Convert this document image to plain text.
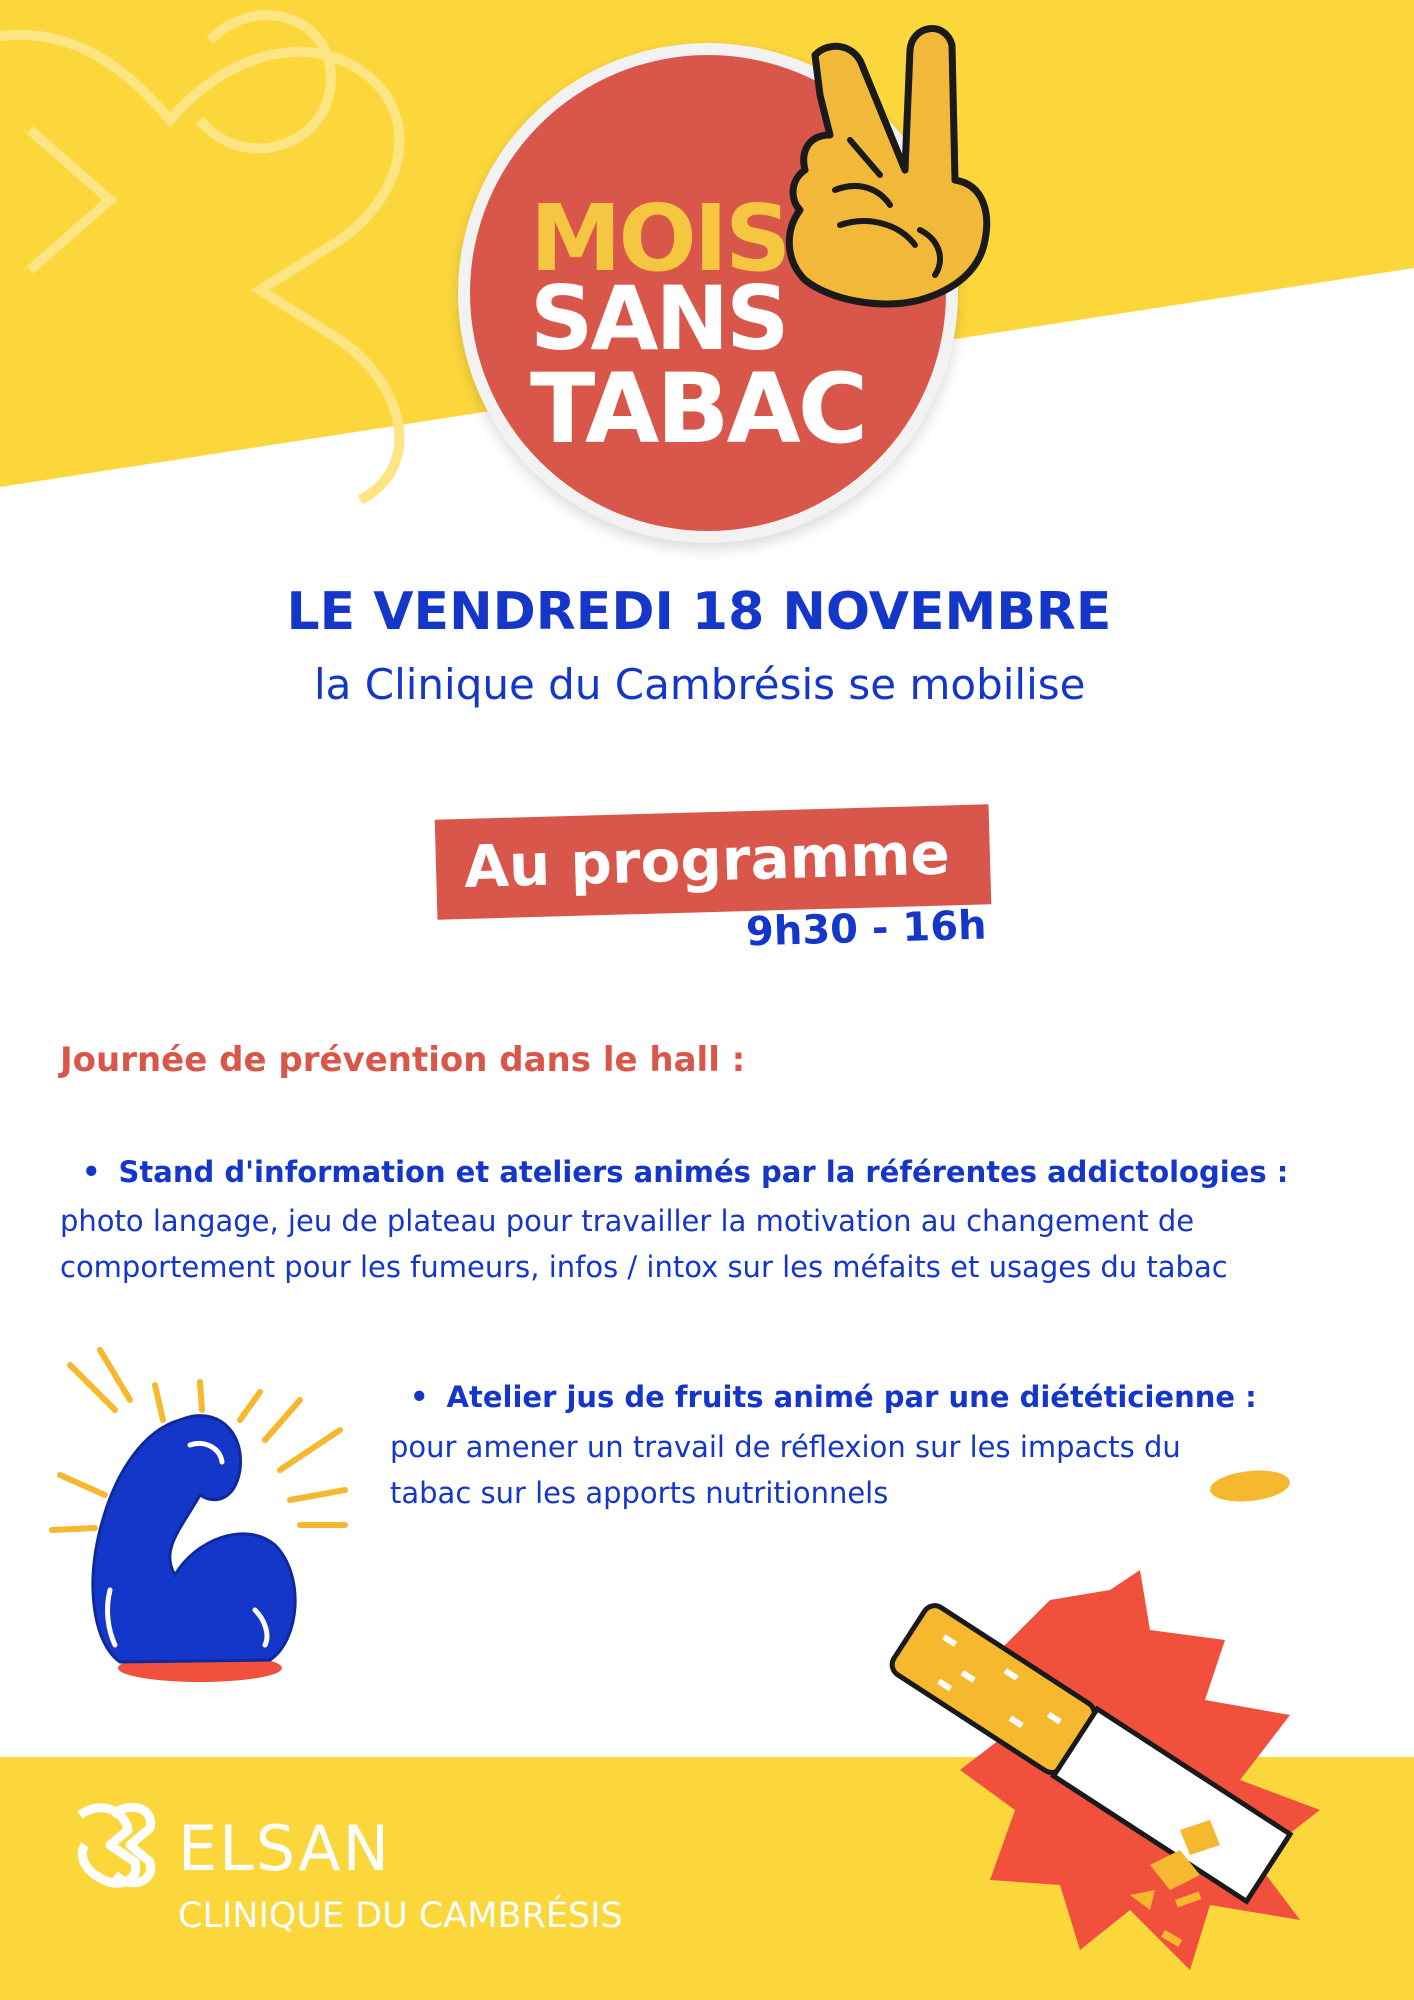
MOIS
SANS
TABAC
LE VENDREDI 18 NOVEMBRE
la Clinique du Cambrésis se mobilise
Au programme :	9h30 - 16h
Journée de prévention dans le hall :
• Stand d'information et ateliers animés par la référentes addictologies :
photo langage, jeu de plateau pour travailler la motivation au changement de
comportement pour les fumeurs, infos / intox sur les méfaits et usages du tabac
• Atelier jus de fruits animé par une diététicienne :
pour amener un travail de réflexion sur les impacts du
tabac sur les apports nutritionnels
ELSAN
CLINIQUE DU CAMBRÉSIS
